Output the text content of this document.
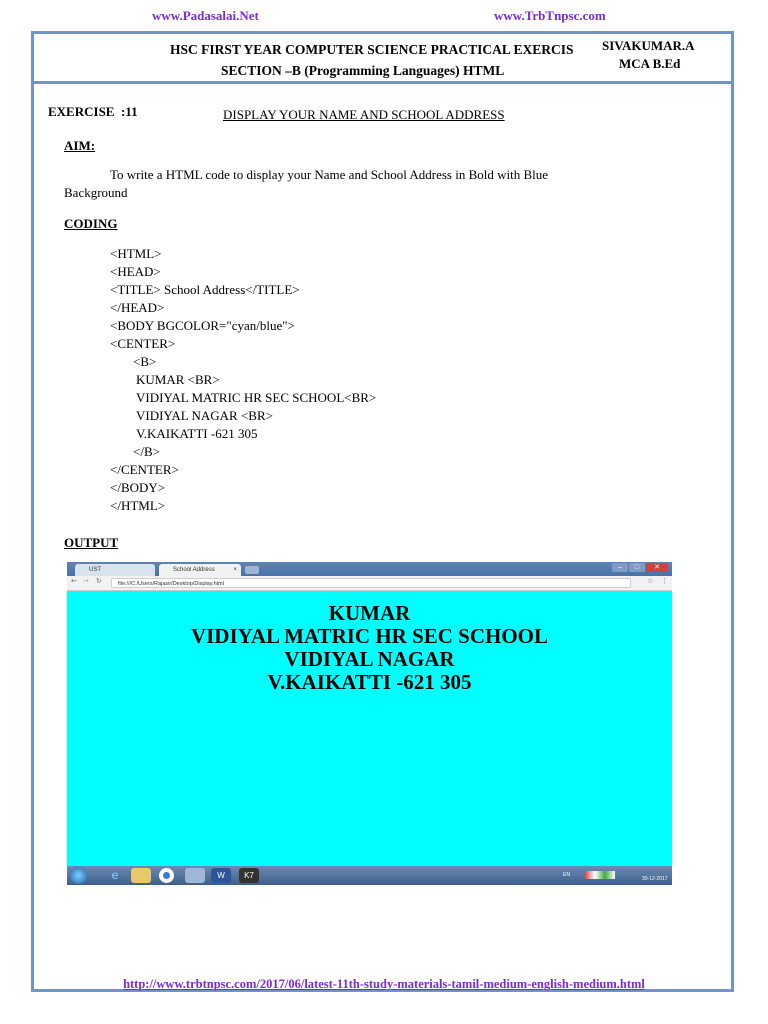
www.Padasalai.Net	www.TrbTnpsc.com
HSC FIRST YEAR COMPUTER SCIENCE PRACTICAL EXERCIS
SECTION –B (Programming Languages) HTML
SIVAKUMAR.A
MCA B.Ed
EXERCISE  :11	DISPLAY YOUR NAME AND SCHOOL ADDRESS
AIM:
To write a HTML code to display your Name and School Address in Bold with Blue
Background
CODING
<HTML>
<HEAD>
<TITLE> School Address</TITLE>
</HEAD>
<BODY BGCOLOR="cyan/blue">
<CENTER>
<B>
KUMAR <BR>
VIDIYAL MATRIC HR SEC SCHOOL<BR>
VIDIYAL NAGAR <BR>
V.KAIKATTI -621 305
</B>
</CENTER>
</BODY>
</HTML>
OUTPUT
UST	School Address	×	–	□	✕
← → ↻	file:///C:/Users/Rajasir/Desktop/Display.html	☆ ⋮
KUMAR
VIDIYAL MATRIC HR SEC SCHOOL
VIDIYAL NAGAR
V.KAIKATTI -621 305
e	W	K7	EN
30-12-2017
http://www.trbtnpsc.com/2017/06/latest-11th-study-materials-tamil-medium-english-medium.html
